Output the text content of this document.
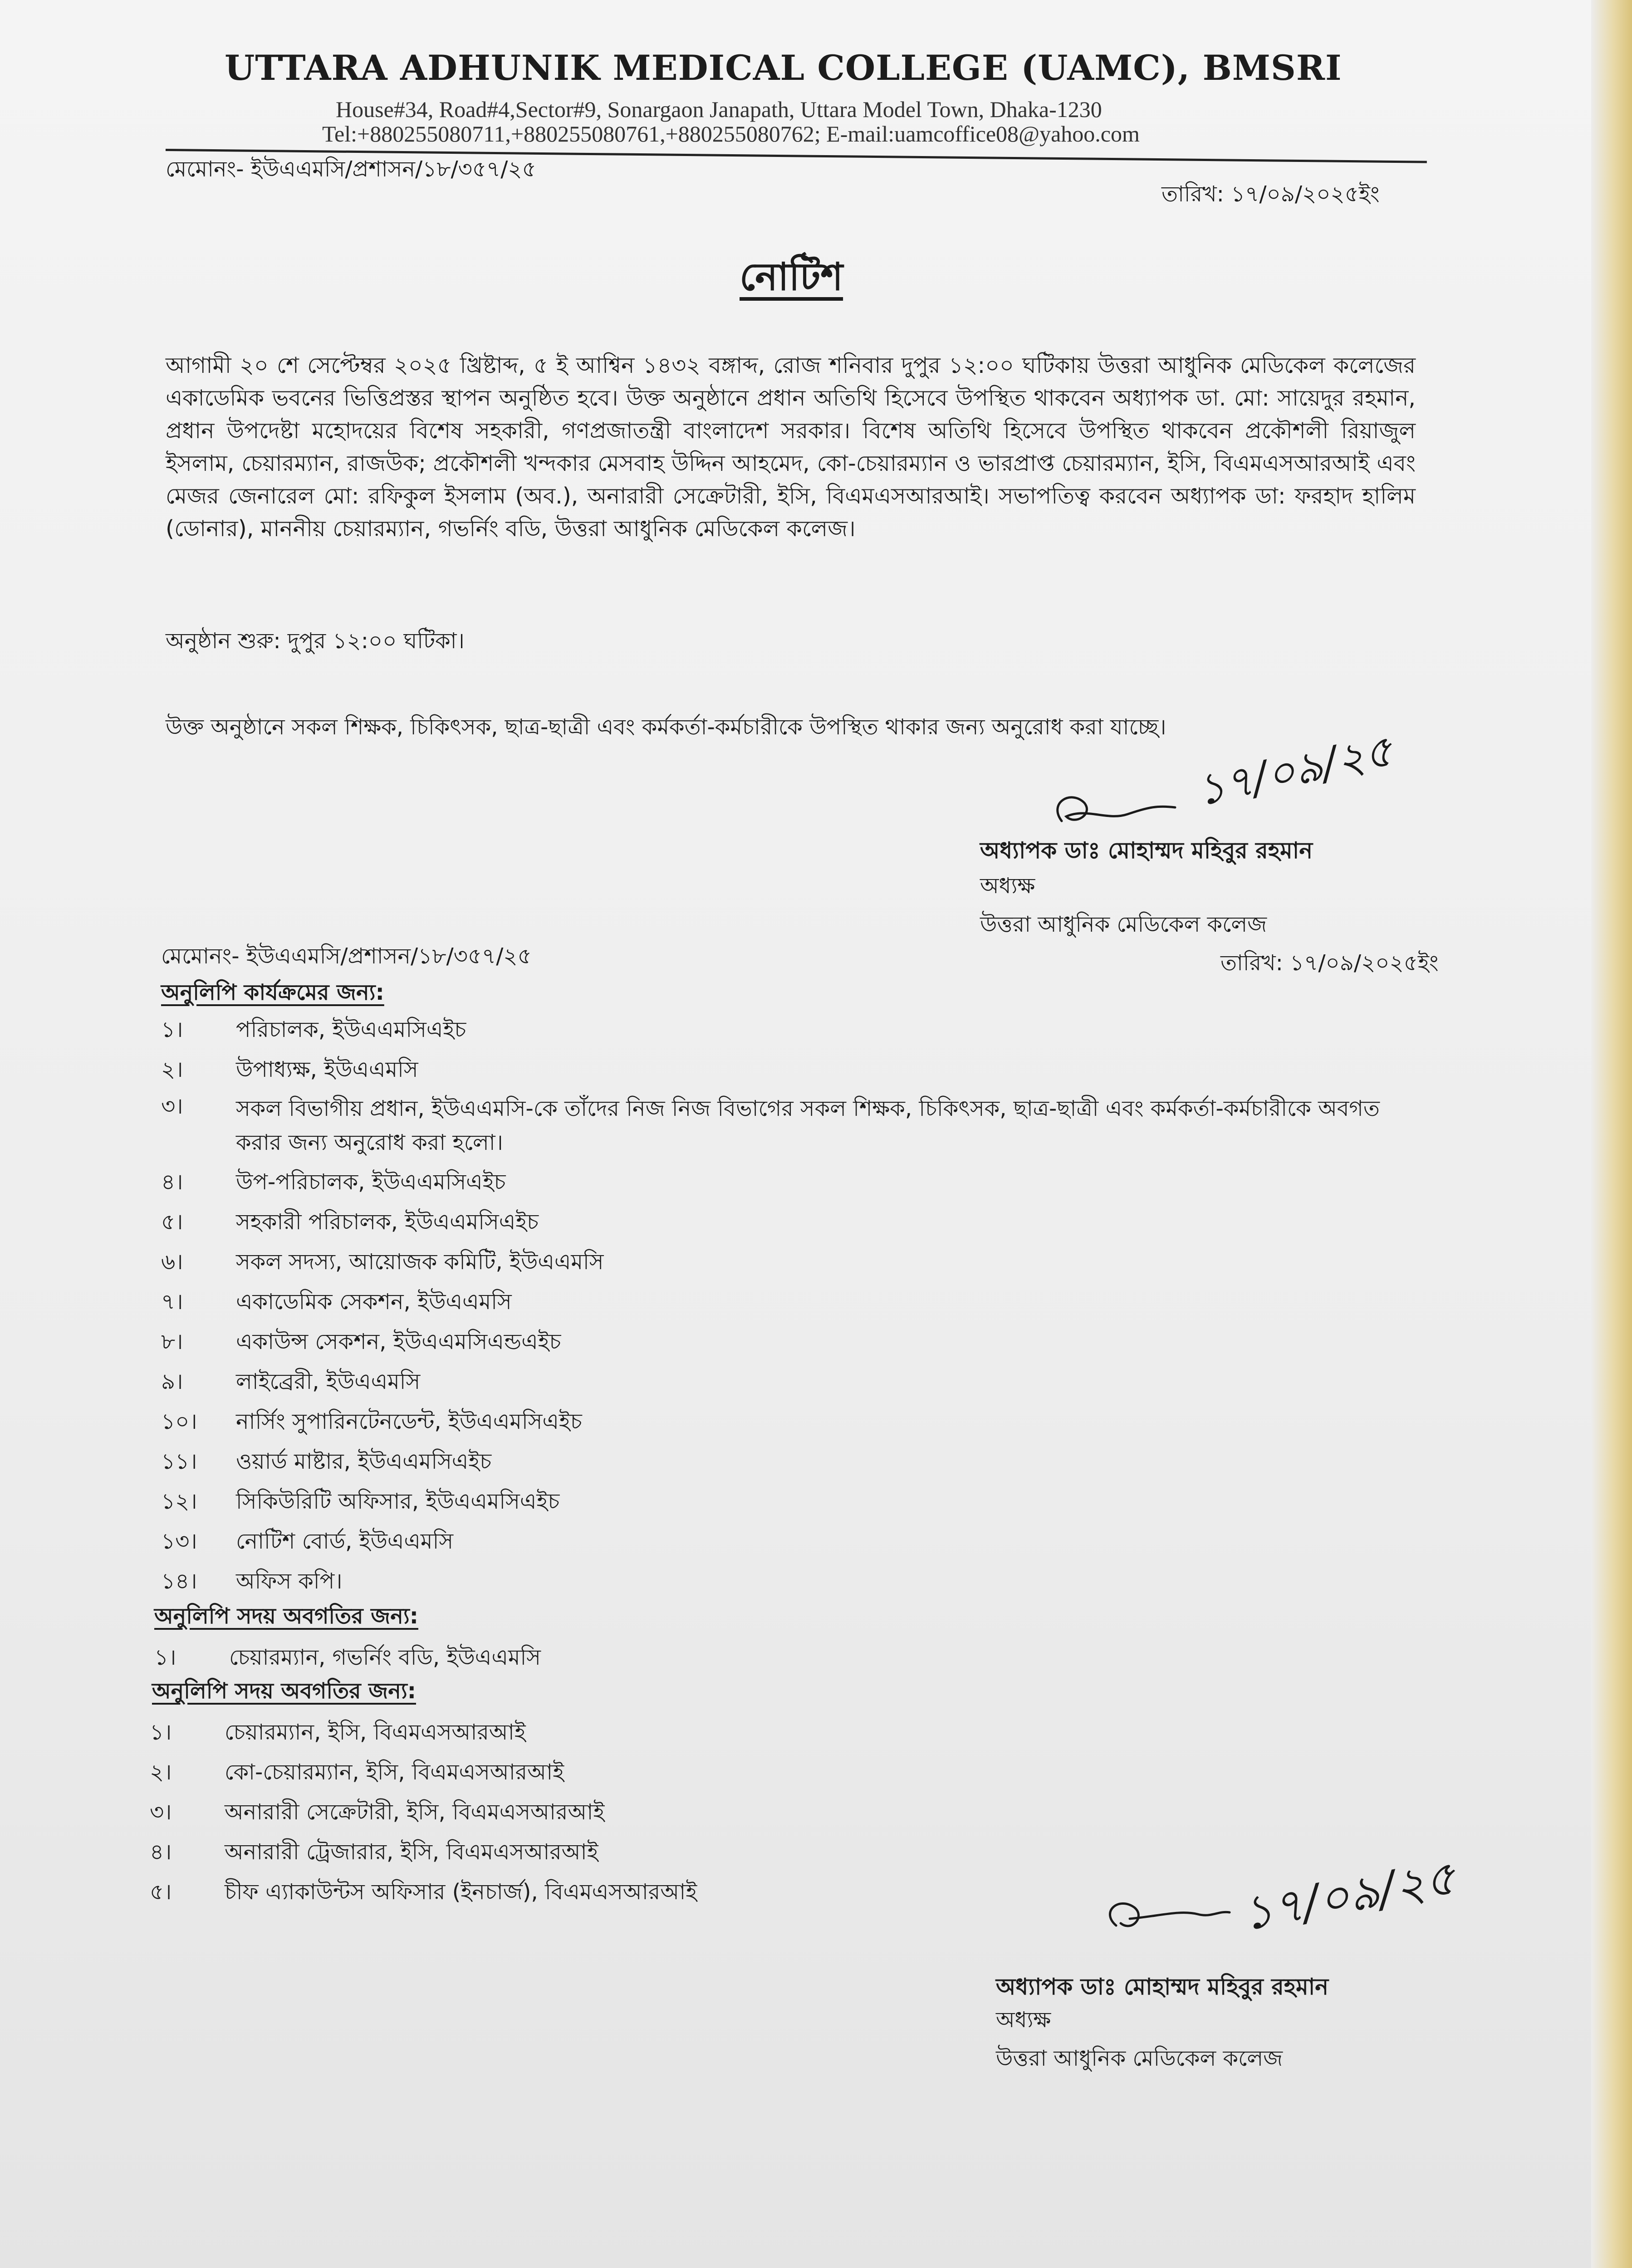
UTTARA ADHUNIK MEDICAL COLLEGE (UAMC), BMSRI
House#34, Road#4,Sector#9, Sonargaon Janapath, Uttara Model Town, Dhaka-1230
Tel:+880255080711,+880255080761,+880255080762; E-mail:uamcoffice08@yahoo.com
মেমোনং- ইউএএমসি/প্রশাসন/১৮/৩৫৭/২৫
তারিখ: ১৭/০৯/২০২৫ইং
নোটিশ

আগামী ২০ শে সেপ্টেম্বর ২০২৫ খ্রিষ্টাব্দ, ৫ ই আশ্বিন ১৪৩২ বঙ্গাব্দ, রোজ শনিবার দুপুর ১২:০০ ঘটিকায় উত্তরা আধুনিক মেডিকেল কলেজের একাডেমিক ভবনের ভিত্তিপ্রস্তর স্থাপন অনুষ্ঠিত হবে। উক্ত অনুষ্ঠানে প্রধান অতিথি হিসেবে উপস্থিত থাকবেন অধ্যাপক ডা. মো: সায়েদুর রহমান, প্রধান উপদেষ্টা মহোদয়ের বিশেষ সহকারী, গণপ্রজাতন্ত্রী বাংলাদেশ সরকার। বিশেষ অতিথি হিসেবে উপস্থিত থাকবেন প্রকৌশলী রিয়াজুল ইসলাম, চেয়ারম্যান, রাজউক; প্রকৌশলী খন্দকার মেসবাহ উদ্দিন আহমেদ, কো-চেয়ারম্যান ও ভারপ্রাপ্ত চেয়ারম্যান, ইসি, বিএমএসআরআই এবং মেজর জেনারেল মো: রফিকুল ইসলাম (অব.), অনারারী সেক্রেটারী, ইসি, বিএমএসআরআই। সভাপতিত্ব করবেন অধ্যাপক ডা: ফরহাদ হালিম (ডোনার), মাননীয় চেয়ারম্যান, গভর্নিং বডি, উত্তরা আধুনিক মেডিকেল কলেজ।

অনুষ্ঠান শুরু: দুপুর ১২:০০ ঘটিকা।
উক্ত অনুষ্ঠানে সকল শিক্ষক, চিকিৎসক, ছাত্র-ছাত্রী এবং কর্মকর্তা-কর্মচারীকে উপস্থিত থাকার জন্য অনুরোধ করা যাচ্ছে। ১৭/০৯/২৫
অধ্যাপক ডাঃ মোহাম্মদ মহিবুর রহমান
অধ্যক্ষ
উত্তরা আধুনিক মেডিকেল কলেজ
মেমোনং- ইউএএমসি/প্রশাসন/১৮/৩৫৭/২৫	তারিখ: ১৭/০৯/২০২৫ইং
অনুলিপি কার্যক্রমের জন্য:
১। পরিচালক, ইউএএমসিএইচ
২। উপাধ্যক্ষ, ইউএএমসি
৩। সকল বিভাগীয় প্রধান, ইউএএমসি-কে তাঁদের নিজ নিজ বিভাগের সকল শিক্ষক, চিকিৎসক, ছাত্র-ছাত্রী এবং কর্মকর্তা-কর্মচারীকে অবগত করার জন্য অনুরোধ করা হলো।
৪। উপ-পরিচালক, ইউএএমসিএইচ
৫। সহকারী পরিচালক, ইউএএমসিএইচ
৬। সকল সদস্য, আয়োজক কমিটি, ইউএএমসি
৭। একাডেমিক সেকশন, ইউএএমসি
৮। একাউন্স সেকশন, ইউএএমসিএন্ডএইচ
৯। লাইব্রেরী, ইউএএমসি
১০। নার্সিং সুপারিনটেনডেন্ট, ইউএএমসিএইচ
১১। ওয়ার্ড মাষ্টার, ইউএএমসিএইচ
১২। সিকিউরিটি অফিসার, ইউএএমসিএইচ
১৩। নোটিশ বোর্ড, ইউএএমসি
১৪। অফিস কপি।
অনুলিপি সদয় অবগতির জন্য:
১। চেয়ারম্যান, গভর্নিং বডি, ইউএএমসি
অনুলিপি সদয় অবগতির জন্য:
১। চেয়ারম্যান, ইসি, বিএমএসআরআই
২। কো-চেয়ারম্যান, ইসি, বিএমএসআরআই
৩। অনারারী সেক্রেটারী, ইসি, বিএমএসআরআই
৪। অনারারী ট্রেজারার, ইসি, বিএমএসআরআই
৫। চীফ এ্যাকাউন্টস অফিসার (ইনচার্জ), বিএমএসআরআই	১৭/০৯/২৫
অধ্যাপক ডাঃ মোহাম্মদ মহিবুর রহমান
অধ্যক্ষ
উত্তরা আধুনিক মেডিকেল কলেজ
